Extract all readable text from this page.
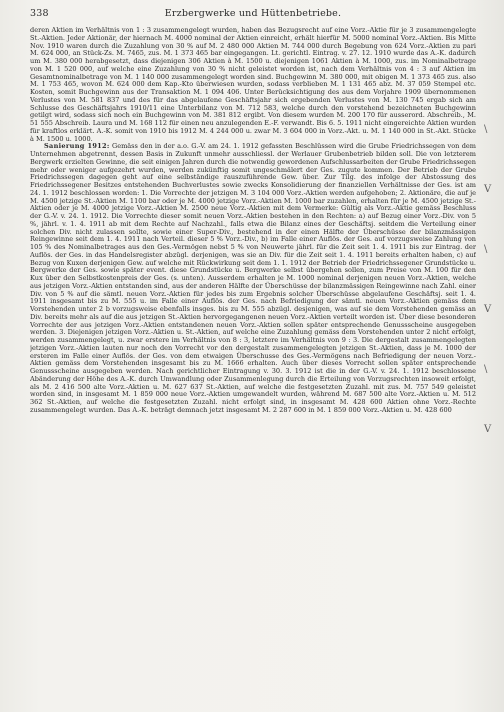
338	Erzbergwerke und Hüttenbetriebe.

deren Aktien im Verhältnis von 1 : 3 zusammengelegt wurden, haben das Bezugsrecht auf eine Vorz.-Aktie für je 3 zusammengelegte St.-Aktien. Jeder Aktionär, der hiernach M. 4000 nominal der Aktien einreicht, erhält hierfür M. 5000 nominal Vorz.-Aktien. Bis Mitte Nov. 1910 waren durch die Zuzahlung von 30 % auf M. 2 480 000 Aktien M. 744 000 durch Begebung von 624 Vorz.-Aktien zu pari M. 624 000, an Stück-Zs. M. 7465, zus. M. 1 373 465 bar eingegangen. Lt. gerichtl. Eintrag. v. 27. 12. 1910 wurde das A.-K. dadurch um M. 380 000 herabgesetzt, dass diejenigen 306 Aktien à M. 1500 u. diejenigen 1061 Aktien à M. 1000, zus. im Nominalbetrage von M. 1 520 000, auf welche eine Zuzahlung von 30 % nicht geleistet worden ist, nach dem Verhältnis von 4 : 3 auf Aktien im Gesamtnominalbetrage von M. 1 140 000 zusammengelegt worden sind. Buchgewinn M. 380 000, mit obigen M. 1 373 465 zus. also M. 1 753 465, wovon M. 624 000 dem Kap.-Kto überwiesen wurden, sodass verblieben M. 1 131 465 abz. M. 37 059 Stempel etc. Kosten, somit Buchgewinn aus der Transaktion M. 1 094 406. Unter Berücksichtigung des aus dem Vorjahre 1909 übernommenen Verlustes von M. 581 837 und des für das abgelaufene Geschäftsjahr sich ergebenden Verlustes von M. 130 745 ergab sich am Schlusse des Geschäftsjahrs 1910/11 eine Unterbilanz von M. 712 583, welche durch den vorstehend bezeichneten Buchgewinn getilgt wird, sodass sich noch ein Buchgewinn von M. 381 812 ergibt. Von diesem wurden M. 200 170 für ausserord. Abschreib., M. 51 555 Abschreib. Laura und M. 168 112 für einen neu anzulegenden E.-F. verwandt. Bis 6. 5. 1911 nicht eingereichte Aktien wurden für kraftlos erklärt. A.-K. somit von 1910 bis 1912 M. 4 244 000 u. zwar M. 3 604 000 in Vorz.-Akt. u. M. 1 140 000 in St.-Akt. Stücke à M. 1500 u. 1000.

Sanierung 1912: Gemäss den in der a.o. G.-V. am 24. 1. 1912 gefassten Beschlüssen wird die Grube Friedrichssegen von dem Unternehmen abgetrennt, dessen Basis in Zukunft unmehr ausschliessl. der Werlauer Grubenbetrieb bilden soll. Die von letzterem Bergwerk erzielten Gewinne, die seit einigen Jahren durch die notwendig gewordenen Aufschlussarbeiten der Grube Friedrichssegen mehr oder weniger aufgezehrt wurden, werden zukünftig somit ungeschmälert der Ges. zugute kommen. Der Betrieb der Grube Friedrichssegen dagegen geht auf eine selbständige rauszuführende Gew. über. Zur Tilg. des infolge der Abstossung des Friedrichssegener Besitzes entstehenden Buchverlustes sowie zwecks Konsolidierung der finanziellen Verhältnisse der Ges. ist am 24. 1. 1912 beschlossen worden: 1. Die Vorrechte der jetzigen M. 3 104 000 Vorz.-Aktien werden aufgehoben; 2. Aktionäre, die auf je M. 4500 jetzige St.-Aktien M. 1100 bar oder je M. 4000 jetzige Vorz.-Aktien M. 1000 bar zuzahlen, erhalten für je M. 4500 jetzige St.-Aktien oder je M. 4000 jetzige Vorz.-Aktien M. 2500 neue Vorz.-Aktien mit dem Vermerke: Gültig als Vorz.-Aktie gemäss Beschluss der G.-V. v. 24. 1. 1912. Die Vorrechte dieser somit neuen Vorz.-Aktien bestehen in den Rechten: a) auf Bezug einer Vorz.-Div. von 5 %, jährl. v. 1. 4. 1911 ab mit dem Rechte auf Nachzahl., falls etwa die Bilanz eines der Geschäftsj. seitdem die Verteilung einer solchen Div. nicht zulassen sollte, sowie einer Super-Div., bestehend in der einen Hälfte der Überschüsse der bilanzmässigen Reingewinne seit dem 1. 4. 1911 nach Verteil. dieser 5 % Vorz.-Div., b) im Falle einer Auflös. der Ges. auf vorzugsweise Zahlung von 105 % des Nominalbetrages aus den Ges.-Vermögen nebst 5 % von Neuwerte jährl. für die Zeit seit 1. 4. 1911 bis zur Eintrag. der Auflös. der Ges. in das Handelsregister abzügl. derjenigen, was sie an Div. für die Zeit seit 1. 4. 1911 bereits erhalten haben, c) auf Bezug von Kuxen derjenigen Gew. auf welche mit Rückwirkung seit dem 1. 1. 1912 der Betrieb der Friedrichssegener Grundstücke u. Bergwerke der Ges. sowie später event. diese Grundstücke u. Bergwerke selbst übergehen sollen, zum Preise von M. 100 für den Kux über den Selbstkostenpreis der Ges. (s. unten). Ausserdem erhalten je M. 1000 nominal derjenigen neuen Vorz.-Aktien, welche aus jetzigen Vorz.-Aktien entstanden sind, aus der anderen Hälfte der Überschüsse der bilanzmässigen Reingewinne nach Zahl. einer Div. von 5 % auf die sämtl. neuen Vorz.-Aktien für jedes bis zum Ergebnis solcher Überschüsse abgelaufene Geschäftsj. seit 1. 4. 1911 insgesamt bis zu M. 555 u. im Falle einer Auflös. der Ges. nach Befriedigung der sämtl. neuen Vorz.-Aktien gemäss dem Vorstehenden unter 2 b vorzugsweise ebenfalls insges. bis zu M. 555 abzügl. desjenigen, was auf sie dem Vorstehenden gemäss an Div. bereits mehr als auf die aus jetzigen St.-Aktien hervorgegangenen neuen Vorz.-Aktien verteilt worden ist. Über diese besonderen Vorrechte der aus jetzigen Vorz.-Aktien entstandenen neuen Vorz.-Aktien sollen später entsprechende Genussscheine ausgegeben werden. 3. Diejenigen jetzigen Vorz.-Aktien u. St.-Aktien, auf welche eine Zuzahlung gemäss dem Vorstehenden unter 2 nicht erfolgt, werden zusammengelegt, u. zwar erstere im Verhältnis von 8 : 3, letztere im Verhältnis von 9 : 3. Die dergestalt zusammengelegten jetzigen Vorz.-Aktien lauten nur noch den Vorrecht vor den dergestalt zusammengelegten jetzigen St.-Aktien, dass je M. 1000 der ersteren im Falle einer Auflös. der Ges. von dem etwaigen Überschusse des Ges.-Vermögens nach Befriedigung der neuen Vorz.-Aktien gemäss dem Vorstehenden insgesamt bis zu M. 1666 erhalten. Auch über dieses Vorrecht sollen später entsprechende Genussscheine ausgegeben werden. Nach gerichtlicher Eintragung v. 30. 3. 1912 ist die in der G.-V. v. 24. 1. 1912 beschlossene Abänderung der Höhe des A.-K. durch Umwandlung oder Zusammenlegung durch die Erteilung von Vorzugsrechten insoweit erfolgt, als M. 2 416 500 alte Vorz.-Aktien u. M. 627 637 St.-Aktien, auf welche die festgesetzten Zuzahl. mit zus. M. 757 549 geleistet worden sind, in insgesamt M. 1 859 000 neue Vorz.-Aktien umgewandelt wurden, während M. 687 500 alte Vorz.-Aktien u. M. 512 362 St.-Aktien, auf welche die festgesetzten Zuzahl. nicht erfolgt sind, in insgesamt M. 428 600 Aktien ohne Vorz.-Rechte zusammengelegt wurden. Das A.-K. beträgt demnach jetzt insgesamt M. 2 287 600 in M. 1 859 000 Vorz.-Aktien u. M. 428 600

\
V
\
V
\
V
